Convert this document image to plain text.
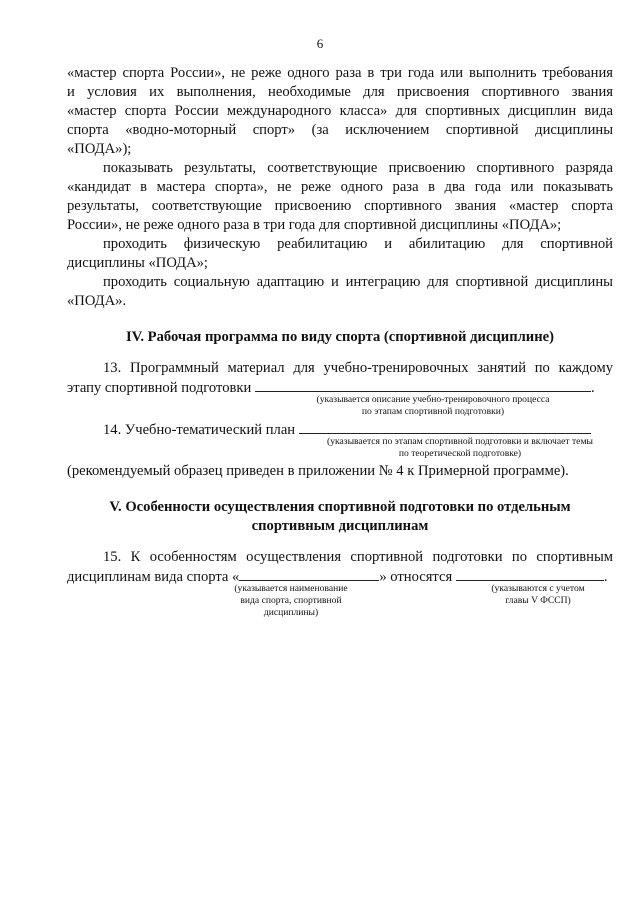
6
«мастер спорта России», не реже одного раза в три года или выполнить требования
и условия их выполнения, необходимые для присвоения спортивного звания
«мастер спорта России международного класса» для спортивных дисциплин вида
спорта «водно-моторный спорт» (за исключением спортивной дисциплины
«ПОДА»);
показывать результаты, соответствующие присвоению спортивного разряда
«кандидат в мастера спорта», не реже одного раза в два года или показывать
результаты, соответствующие присвоению спортивного звания «мастер спорта
России», не реже одного раза в три года для спортивной дисциплины «ПОДА»;
проходить физическую реабилитацию и абилитацию для спортивной
дисциплины «ПОДА»;
проходить социальную адаптацию и интеграцию для спортивной дисциплины
«ПОДА».
IV. Рабочая программа по виду спорта (спортивной дисциплине)
13. Программный материал для учебно-тренировочных занятий по каждому
этапу спортивной подготовки	.
(указывается описание учебно-тренировочного процесса
по этапам спортивной подготовки)
14. Учебно-тематический план
(указывается по этапам спортивной подготовки и включает темы
по теоретической подготовке)
(рекомендуемый образец приведен в приложении № 4 к Примерной программе).
V. Особенности осуществления спортивной подготовки по отдельным
спортивным дисциплинам
15. К особенностям осуществления спортивной подготовки по спортивным
дисциплинам вида спорта «	» относятся	.
(указывается наименование
вида спорта, спортивной
дисциплины)
(указываются с учетом
главы V ФССП)
